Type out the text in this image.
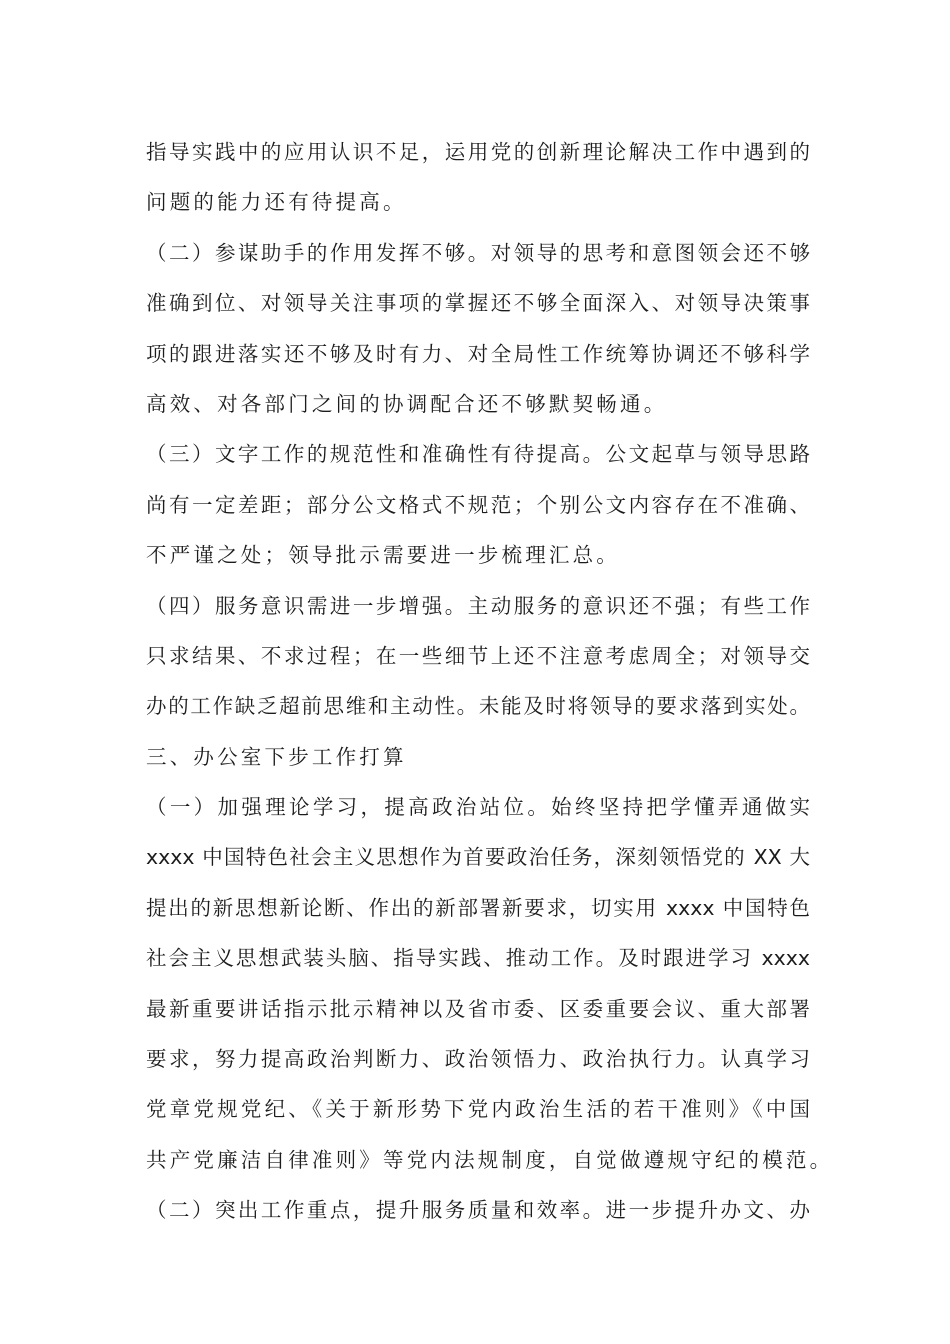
指导实践中的应用认识不足，运用党的创新理论解决工作中遇到的
问题的能力还有待提高。
（二）参谋助手的作用发挥不够。对领导的思考和意图领会还不够
准确到位、对领导关注事项的掌握还不够全面深入、对领导决策事
项的跟进落实还不够及时有力、对全局性工作统筹协调还不够科学
高效、对各部门之间的协调配合还不够默契畅通。
（三）文字工作的规范性和准确性有待提高。公文起草与领导思路
尚有一定差距；部分公文格式不规范；个别公文内容存在不准确、
不严谨之处；领导批示需要进一步梳理汇总。
（四）服务意识需进一步增强。主动服务的意识还不强；有些工作
只求结果、不求过程；在一些细节上还不注意考虑周全；对领导交
办的工作缺乏超前思维和主动性。未能及时将领导的要求落到实处。
三、办公室下步工作打算
（一）加强理论学习，提高政治站位。始终坚持把学懂弄通做实
xxxx 中国特色社会主义思想作为首要政治任务，深刻领悟党的 XX 大
提出的新思想新论断、作出的新部署新要求，切实用 xxxx 中国特色
社会主义思想武装头脑、指导实践、推动工作。及时跟进学习 xxxx
最新重要讲话指示批示精神以及省市委、区委重要会议、重大部署
要求，努力提高政治判断力、政治领悟力、政治执行力。认真学习
党章党规党纪、《关于新形势下党内政治生活的若干准则》《中国
共产党廉洁自律准则》等党内法规制度，自觉做遵规守纪的模范。
（二）突出工作重点，提升服务质量和效率。进一步提升办文、办
